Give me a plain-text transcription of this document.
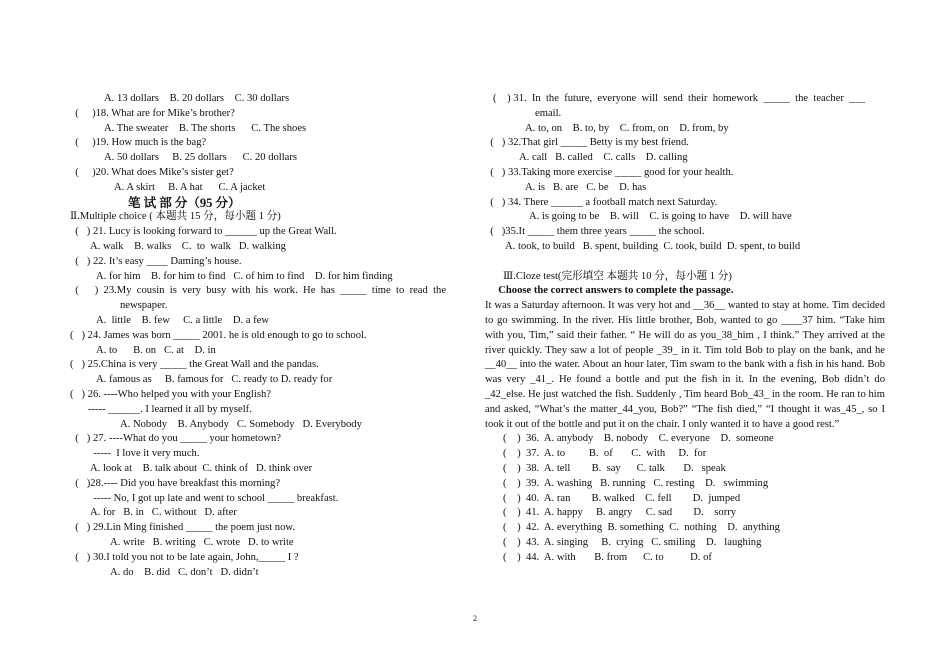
A. 13 dollars    B. 20 dollars    C. 30 dollars
(     )18. What are for Mike’s brother?
A. The sweater    B. The shorts      C. The shoes
(     )19. How much is the bag?
A. 50 dollars     B. 25 dollars      C. 20 dollars
(     )20. What does Mike’s sister get?
A. A skirt     B. A hat      C. A jacket
笔 试 部 分（95 分）
Ⅱ.Multiple choice ( 本题共 15 分，每小题 1 分)
(   ) 21. Lucy is looking forward to ______ up the Great Wall.
A. walk    B. walks    C.  to  walk   D. walking
(   ) 22. It’s easy ____ Daming’s house.
A. for him    B. for him to find   C. of him to find    D. for him finding
(      )  23.My  cousin  is  very  busy  with  his  work.  He  has  _____  time  to  read  the
newspaper.
A.  little    B. few     C. a little    D. a few
(   ) 24. James was born _____ 2001. he is old enough to go to school.
A. to      B. on   C. at    D. in
(   ) 25.China is very _____ the Great Wall and the pandas.
A. famous as     B. famous for   C. ready to D. ready for
(   ) 26. ----Who helped you with your English?
----- ______. I learned it all by myself.
A. Nobody    B. Anybody   C. Somebody   D. Everybody
(   ) 27. ----What do you _____ your hometown?
-----  I love it very much.
A. look at    B. talk about  C. think of   D. think over
(   )28.---- Did you have breakfast this morning?
----- No, I got up late and went to school _____ breakfast.
A. for   B. in   C. without   D. after
(   ) 29.Lin Ming finished _____ the poem just now.
A. write   B. writing   C. wrote   D. to write
(   ) 30.I told you not to be late again, John,_____ I ?
A. do    B. did   C. don’t   D. didn’t
(    ) 31.  In  the  future,  everyone  will  send  their  homework  _____  the  teacher  ___
email.
A. to, on    B. to, by    C. from, on    D. from, by
(   ) 32.That girl _____ Betty is my best friend.
A. call   B. called    C. calls    D. calling
(   ) 33.Taking more exercise _____ good for your health.
A. is   B. are   C. be    D. has
(   ) 34. There ______ a football match next Saturday.
A. is going to be    B. will    C. is going to have    D. will have
(   )35.It _____ them three years _____ the school.
A. took, to build   B. spent, building  C. took, build  D. spent, to build

Ⅲ.Cloze test(完形填空 本题共 10 分，每小题 1 分)
Choose the correct answers to complete the passage.
It was a Saturday afternoon. It was very hot and __36__ wanted to stay at home. Tim decided to go swimming. In the river. His little brother, Bob, wanted to go ____37 him. “Take him with you, Tim,” said their father. “ He will do as you_38_him , I think.” They arrived at the river quickly. They saw a lot of people _39_ in it. Tim told Bob to play on the bank, and he __40__ into the water. About an hour later, Tim swam to the bank with a fish in his hand. Bob was very _41_. He found a bottle and put the fish in it. In the evening, Bob didn’t do _42_else. He just watched the fish. Suddenly , Tim heard Bob_43_ in the room. He ran to him and asked, “What’s the matter_44_you, Bob?” “The fish died,” “I thought it was_45_, so I took it out of the bottle and put it on the chair. I only wanted it to have a good rest.”
(    )  36.  A. anybody    B. nobody    C. everyone    D.  someone
(    )  37.  A. to         B.  of       C.  with     D.  for
(    )  38.  A. tell        B.  say      C. talk       D.   speak
(    )  39.  A. washing   B. running   C. resting    D.   swimming
(    )  40.  A. ran        B. walked    C. fell        D.  jumped
(    )  41.  A. happy     B. angry     C. sad        D.    sorry
(    )  42.  A. everything  B. something  C.  nothing    D.  anything
(    )  43.  A. singing     B.  crying   C. smiling    D.   laughing
(    )  44.  A. with       B. from      C. to          D. of
2
